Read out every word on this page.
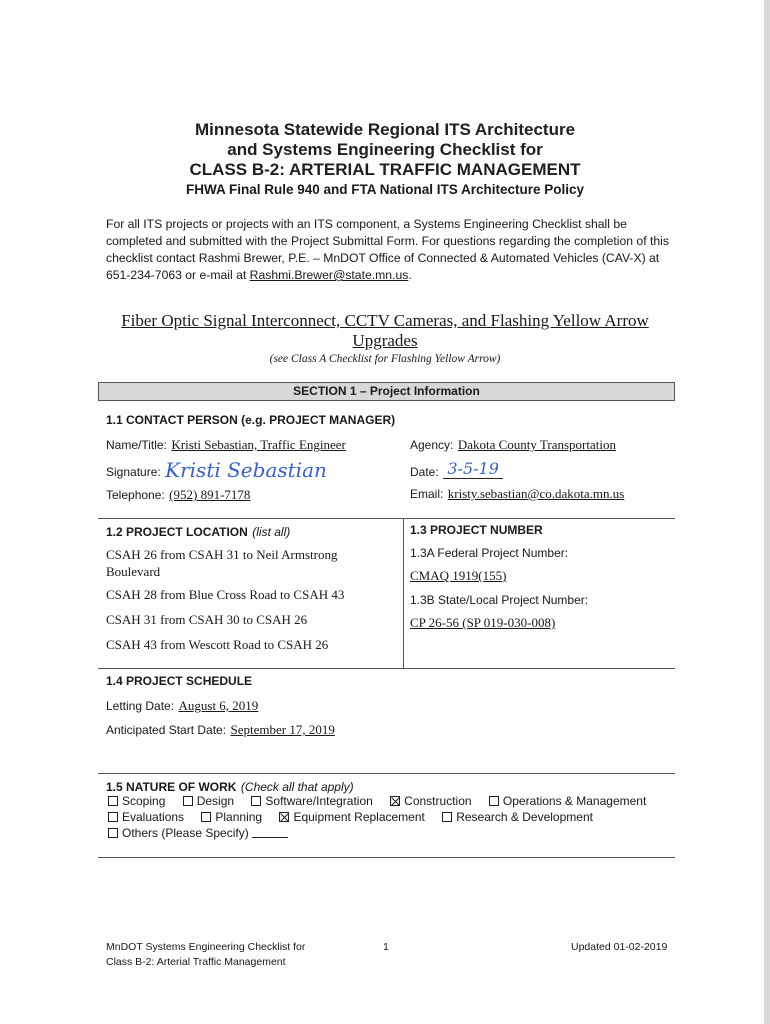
Minnesota Statewide Regional ITS Architecture
and Systems Engineering Checklist for
CLASS B-2: ARTERIAL TRAFFIC MANAGEMENT
FHWA Final Rule 940 and FTA National ITS Architecture Policy
For all ITS projects or projects with an ITS component, a Systems Engineering Checklist shall be completed and submitted with the Project Submittal Form. For questions regarding the completion of this checklist contact Rashmi Brewer, P.E. – MnDOT Office of Connected & Automated Vehicles (CAV-X) at 651-234-7063 or e-mail at Rashmi.Brewer@state.mn.us.
Fiber Optic Signal Interconnect, CCTV Cameras, and Flashing Yellow Arrow
Upgrades
(see Class A Checklist for Flashing Yellow Arrow)
SECTION 1 – Project Information
1.1 CONTACT PERSON (e.g. PROJECT MANAGER)
Name/Title: Kristi Sebastian, Traffic Engineer	Agency: Dakota County Transportation
Signature: Kristi Sebastian	Date: 3-5-19
Telephone: (952) 891-7178	Email: kristy.sebastian@co.dakota.mn.us
1.2 PROJECT LOCATION (list all)
CSAH 26 from CSAH 31 to Neil Armstrong Boulevard
CSAH 28 from Blue Cross Road to CSAH 43
CSAH 31 from CSAH 30 to CSAH 26
CSAH 43 from Wescott Road to CSAH 26
1.3 PROJECT NUMBER
1.3A Federal Project Number:
CMAQ 1919(155)
1.3B State/Local Project Number:
CP 26-56 (SP 019-030-008)
1.4 PROJECT SCHEDULE
Letting Date: August 6, 2019
Anticipated Start Date: September 17, 2019
1.5 NATURE OF WORK (Check all that apply)
Scoping	Design	Software/Integration	Construction	Operations & Management
Evaluations	Planning	Equipment Replacement	Research & Development
Others (Please Specify)
MnDOT Systems Engineering Checklist for
Class B-2: Arterial Traffic Management
1	Updated 01-02-2019
